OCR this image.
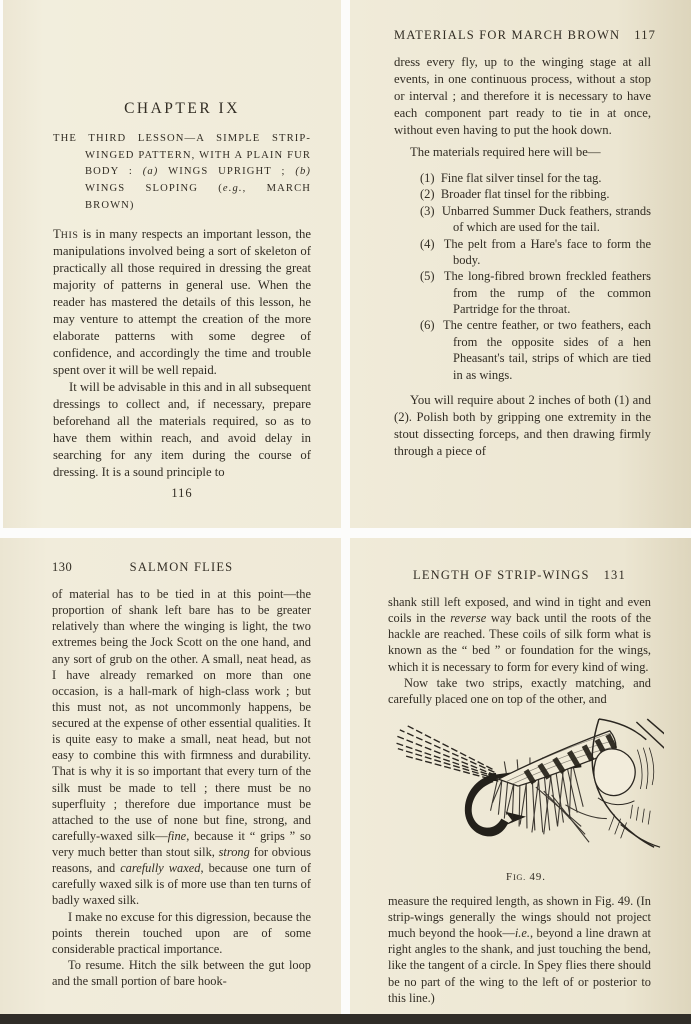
CHAPTER IX
THE THIRD LESSON—A SIMPLE STRIP-WINGED PATTERN, WITH A PLAIN FUR BODY : (a) WINGS UPRIGHT ; (b) WINGS SLOPING (e.g., MARCH BROWN)

THIS is in many respects an important lesson, the manipulations involved being a sort of skeleton of practically all those required in dressing the great majority of patterns in general use. When the reader has mastered the details of this lesson, he may venture to attempt the creation of the more elaborate patterns with some degree of confidence, and accordingly the time and trouble spent over it will be well repaid.

It will be advisable in this and in all subsequent dressings to collect and, if necessary, prepare beforehand all the materials required, so as to have them within reach, and avoid delay in searching for any item during the course of dressing. It is a sound principle to

116
MATERIALS FOR MARCH BROWN 117

dress every fly, up to the winging stage at all events, in one continuous process, without a stop or interval ; and therefore it is necessary to have each component part ready to tie in at once, without even having to put the hook down.

The materials required here will be—

(1) Fine flat silver tinsel for the tag.
(2) Broader flat tinsel for the ribbing.
(3) Unbarred Summer Duck feathers, strands of which are used for the tail.
(4) The pelt from a Hare's face to form the body.
(5) The long-fibred brown freckled feathers from the rump of the common Partridge for the throat.
(6) The centre feather, or two feathers, each from the opposite sides of a hen Pheasant's tail, strips of which are tied in as wings.

You will require about 2 inches of both (1) and (2). Polish both by gripping one extremity in the stout dissecting forceps, and then drawing firmly through a piece of

130	SALMON FLIES

of material has to be tied in at this point—the proportion of shank left bare has to be greater relatively than where the winging is light, the two extremes being the Jock Scott on the one hand, and any sort of grub on the other. A small, neat head, as I have already remarked on more than one occasion, is a hall-mark of high-class work ; but this must not, as not uncommonly happens, be secured at the expense of other essential qualities. It is quite easy to make a small, neat head, but not easy to combine this with firmness and durability. That is why it is so important that every turn of the silk must be made to tell ; there must be no superfluity ; therefore due importance must be attached to the use of none but fine, strong, and carefully-waxed silk—fine, because it “ grips ” so very much better than stout silk, strong for obvious reasons, and carefully waxed, because one turn of carefully waxed silk is of more use than ten turns of badly waxed silk.

I make no excuse for this digression, because the points therein touched upon are of some considerable practical importance.

To resume. Hitch the silk between the gut loop and the small portion of bare hook-

LENGTH OF STRIP-WINGS 131

shank still left exposed, and wind in tight and even coils in the reverse way back until the roots of the hackle are reached. These coils of silk form what is known as the “ bed ” or foundation for the wings, which it is necessary to form for every kind of wing.

Now take two strips, exactly matching, and carefully placed one on top of the other, and

FIG. 49.

measure the required length, as shown in Fig. 49. (In strip-wings generally the wings should not project much beyond the hook—i.e., beyond a line drawn at right angles to the shank, and just touching the bend, like the tangent of a circle. In Spey flies there should be no part of the wing to the left of or posterior to this line.)
